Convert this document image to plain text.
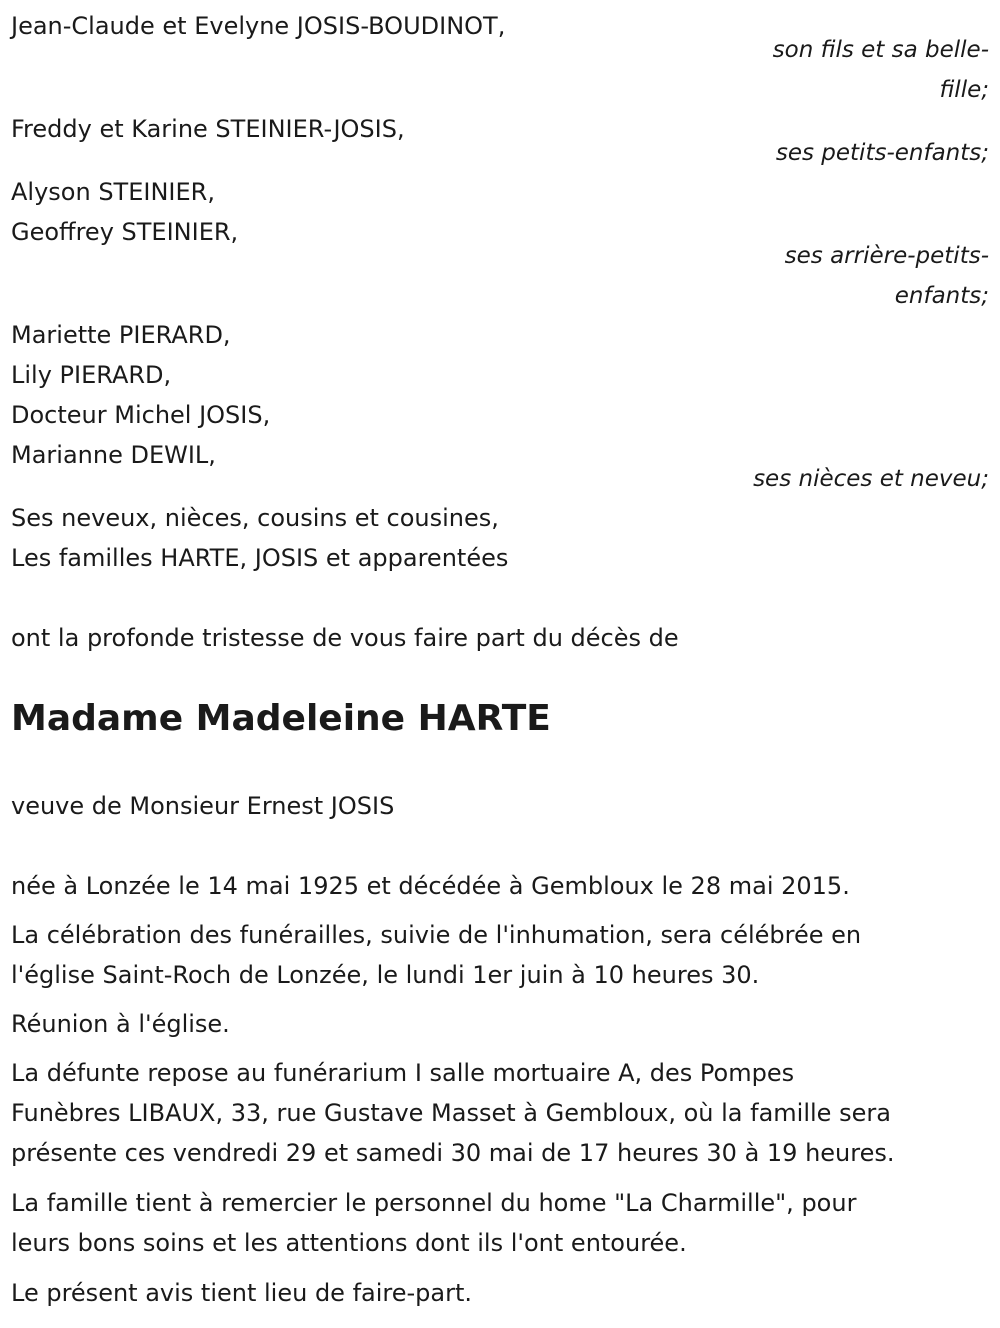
Jean-Claude et Evelyne JOSIS-BOUDINOT,
son fils et sa belle-
fille;
Freddy et Karine STEINIER-JOSIS,
ses petits-enfants;
Alyson STEINIER,
Geoffrey STEINIER,
ses arrière-petits-
enfants;
Mariette PIERARD,
Lily PIERARD,
Docteur Michel JOSIS,
Marianne DEWIL,
ses nièces et neveu;
Ses neveux, nièces, cousins et cousines,
Les familles HARTE, JOSIS et apparentées
ont la profonde tristesse de vous faire part du décès de
Madame Madeleine HARTE
veuve de Monsieur Ernest JOSIS
née à Lonzée le 14 mai 1925 et décédée à Gembloux le 28 mai 2015.
La célébration des funérailles, suivie de l'inhumation, sera célébrée en
l'église Saint-Roch de Lonzée, le lundi 1er juin à 10 heures 30.
Réunion à l'église.
La défunte repose au funérarium I salle mortuaire A, des Pompes
Funèbres LIBAUX, 33, rue Gustave Masset à Gembloux, où la famille sera
présente ces vendredi 29 et samedi 30 mai de 17 heures 30 à 19 heures.
La famille tient à remercier le personnel du home "La Charmille", pour
leurs bons soins et les attentions dont ils l'ont entourée.
Le présent avis tient lieu de faire-part.
